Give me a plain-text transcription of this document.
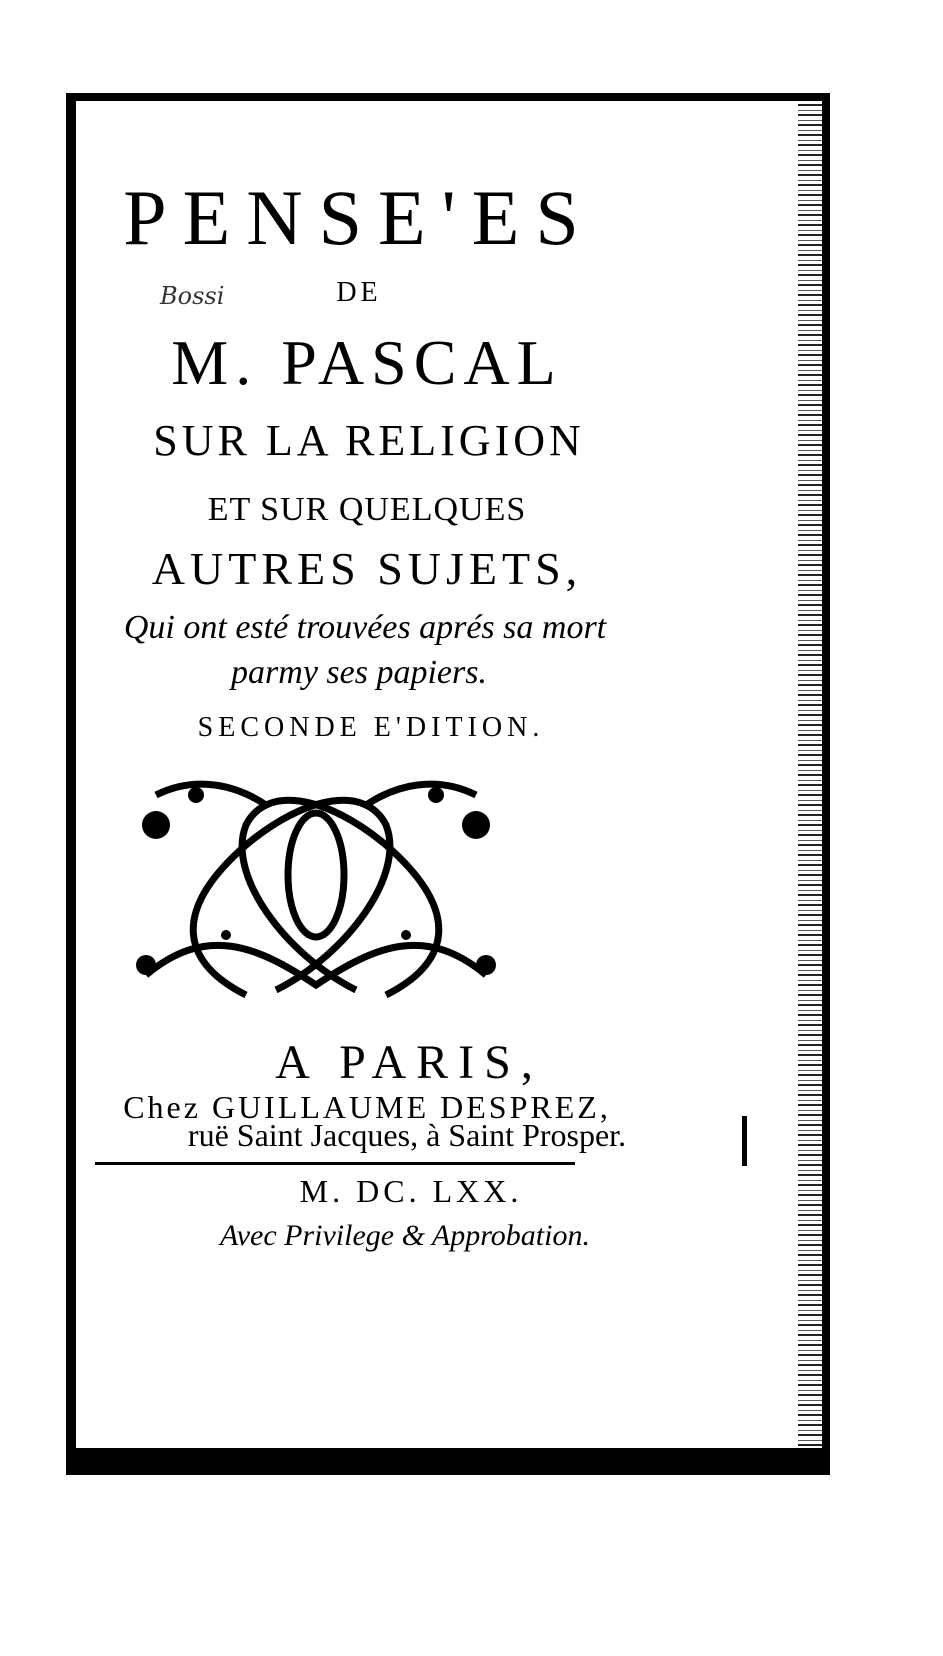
PENSE'ES
Bossi	DE
M. PASCAL
SUR LA RELIGION
ET SUR QUELQUES
AUTRES SUJETS,
Qui ont esté trouvées aprés sa mort
parmy ses papiers.
SECONDE E'DITION.
A PARIS,
Chez GUILLAUME DESPREZ,
ruë Saint Jacques, à Saint Prosper.
M. DC. LXX.
Avec Privilege & Approbation.
